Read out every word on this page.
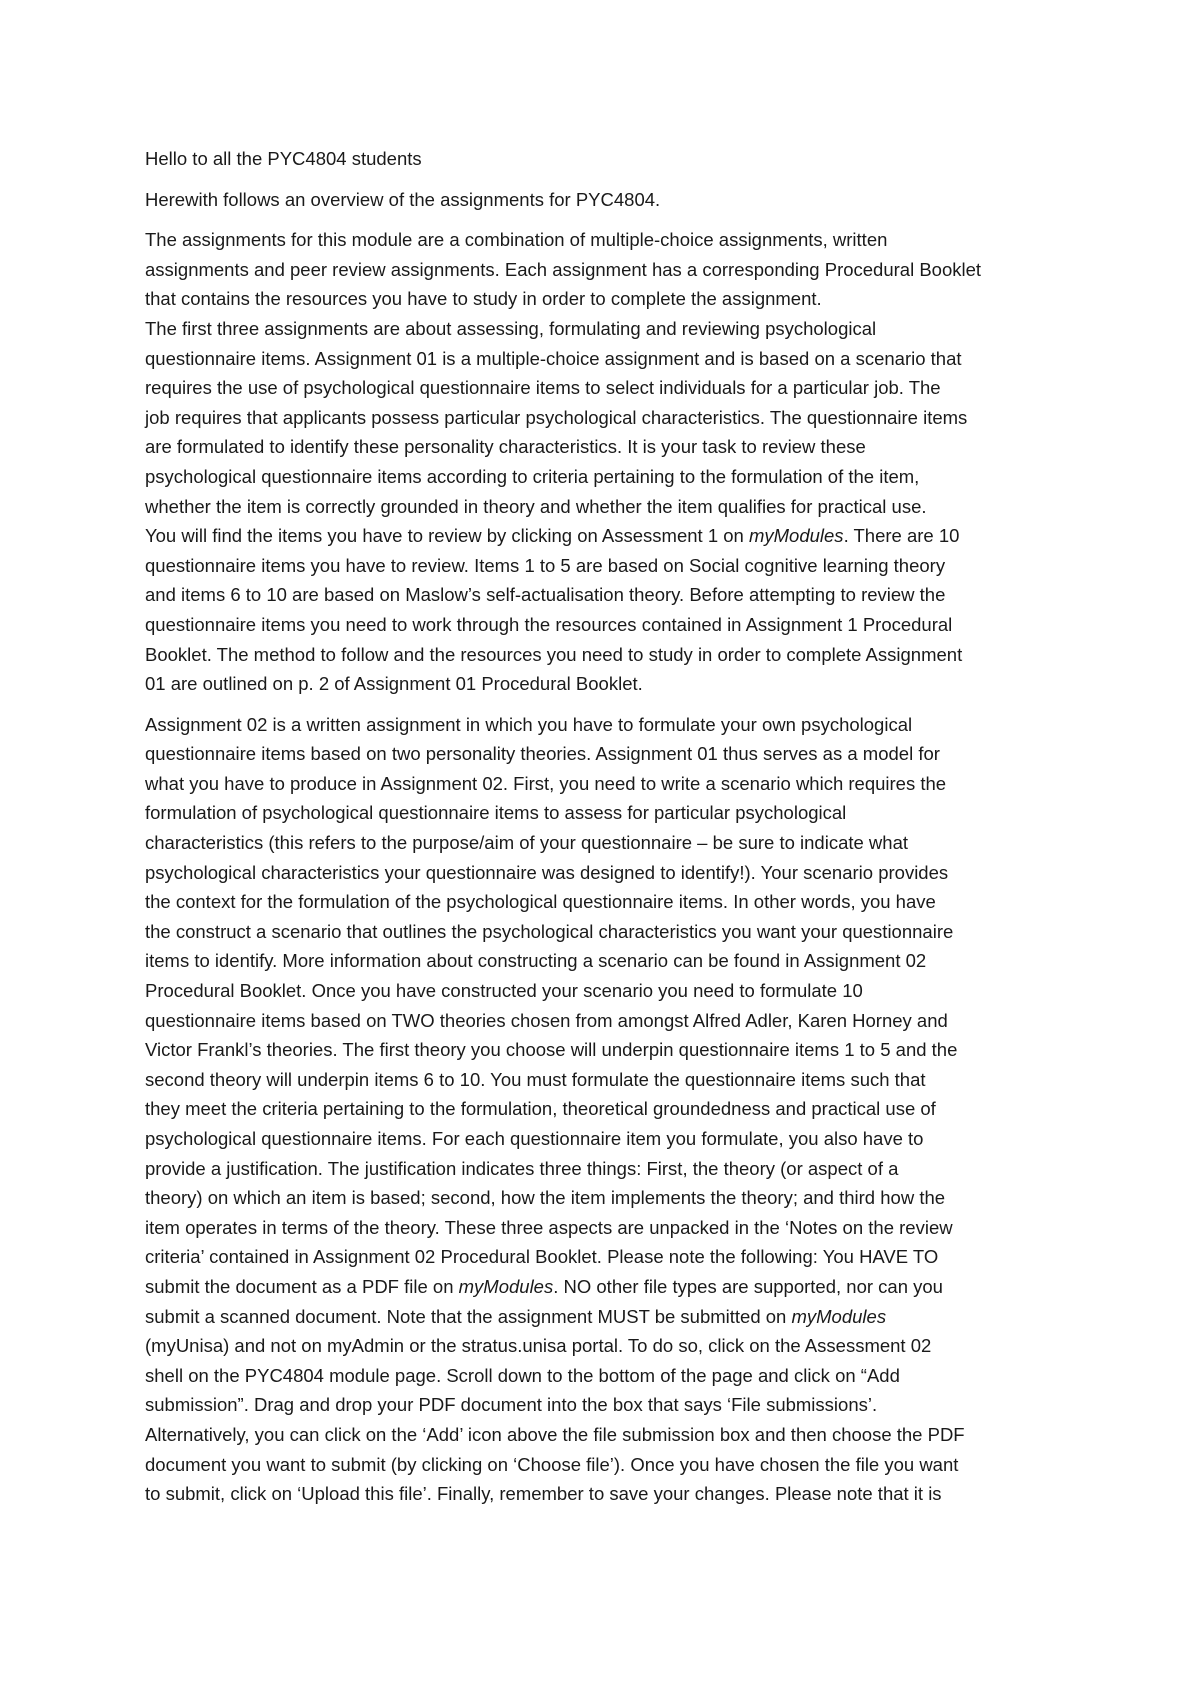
Hello to all the PYC4804 students
Herewith follows an overview of the assignments for PYC4804.
The assignments for this module are a combination of multiple-choice assignments, written
assignments and peer review assignments. Each assignment has a corresponding Procedural Booklet
that contains the resources you have to study in order to complete the assignment.
The first three assignments are about assessing, formulating and reviewing psychological
questionnaire items. Assignment 01 is a multiple-choice assignment and is based on a scenario that
requires the use of psychological questionnaire items to select individuals for a particular job. The
job requires that applicants possess particular psychological characteristics. The questionnaire items
are formulated to identify these personality characteristics. It is your task to review these
psychological questionnaire items according to criteria pertaining to the formulation of the item,
whether the item is correctly grounded in theory and whether the item qualifies for practical use.
You will find the items you have to review by clicking on Assessment 1 on myModules. There are 10
questionnaire items you have to review. Items 1 to 5 are based on Social cognitive learning theory
and items 6 to 10 are based on Maslow’s self-actualisation theory. Before attempting to review the
questionnaire items you need to work through the resources contained in Assignment 1 Procedural
Booklet. The method to follow and the resources you need to study in order to complete Assignment
01 are outlined on p. 2 of Assignment 01 Procedural Booklet.
Assignment 02 is a written assignment in which you have to formulate your own psychological
questionnaire items based on two personality theories. Assignment 01 thus serves as a model for
what you have to produce in Assignment 02. First, you need to write a scenario which requires the
formulation of psychological questionnaire items to assess for particular psychological
characteristics (this refers to the purpose/aim of your questionnaire – be sure to indicate what
psychological characteristics your questionnaire was designed to identify!). Your scenario provides
the context for the formulation of the psychological questionnaire items. In other words, you have
the construct a scenario that outlines the psychological characteristics you want your questionnaire
items to identify. More information about constructing a scenario can be found in Assignment 02
Procedural Booklet. Once you have constructed your scenario you need to formulate 10
questionnaire items based on TWO theories chosen from amongst Alfred Adler, Karen Horney and
Victor Frankl’s theories. The first theory you choose will underpin questionnaire items 1 to 5 and the
second theory will underpin items 6 to 10. You must formulate the questionnaire items such that
they meet the criteria pertaining to the formulation, theoretical groundedness and practical use of
psychological questionnaire items. For each questionnaire item you formulate, you also have to
provide a justification. The justification indicates three things: First, the theory (or aspect of a
theory) on which an item is based; second, how the item implements the theory; and third how the
item operates in terms of the theory. These three aspects are unpacked in the ‘Notes on the review
criteria’ contained in Assignment 02 Procedural Booklet. Please note the following: You HAVE TO
submit the document as a PDF file on myModules. NO other file types are supported, nor can you
submit a scanned document. Note that the assignment MUST be submitted on myModules
(myUnisa) and not on myAdmin or the stratus.unisa portal. To do so, click on the Assessment 02
shell on the PYC4804 module page. Scroll down to the bottom of the page and click on “Add
submission”. Drag and drop your PDF document into the box that says ‘File submissions’.
Alternatively, you can click on the ‘Add’ icon above the file submission box and then choose the PDF
document you want to submit (by clicking on ‘Choose file’). Once you have chosen the file you want
to submit, click on ‘Upload this file’. Finally, remember to save your changes. Please note that it is
